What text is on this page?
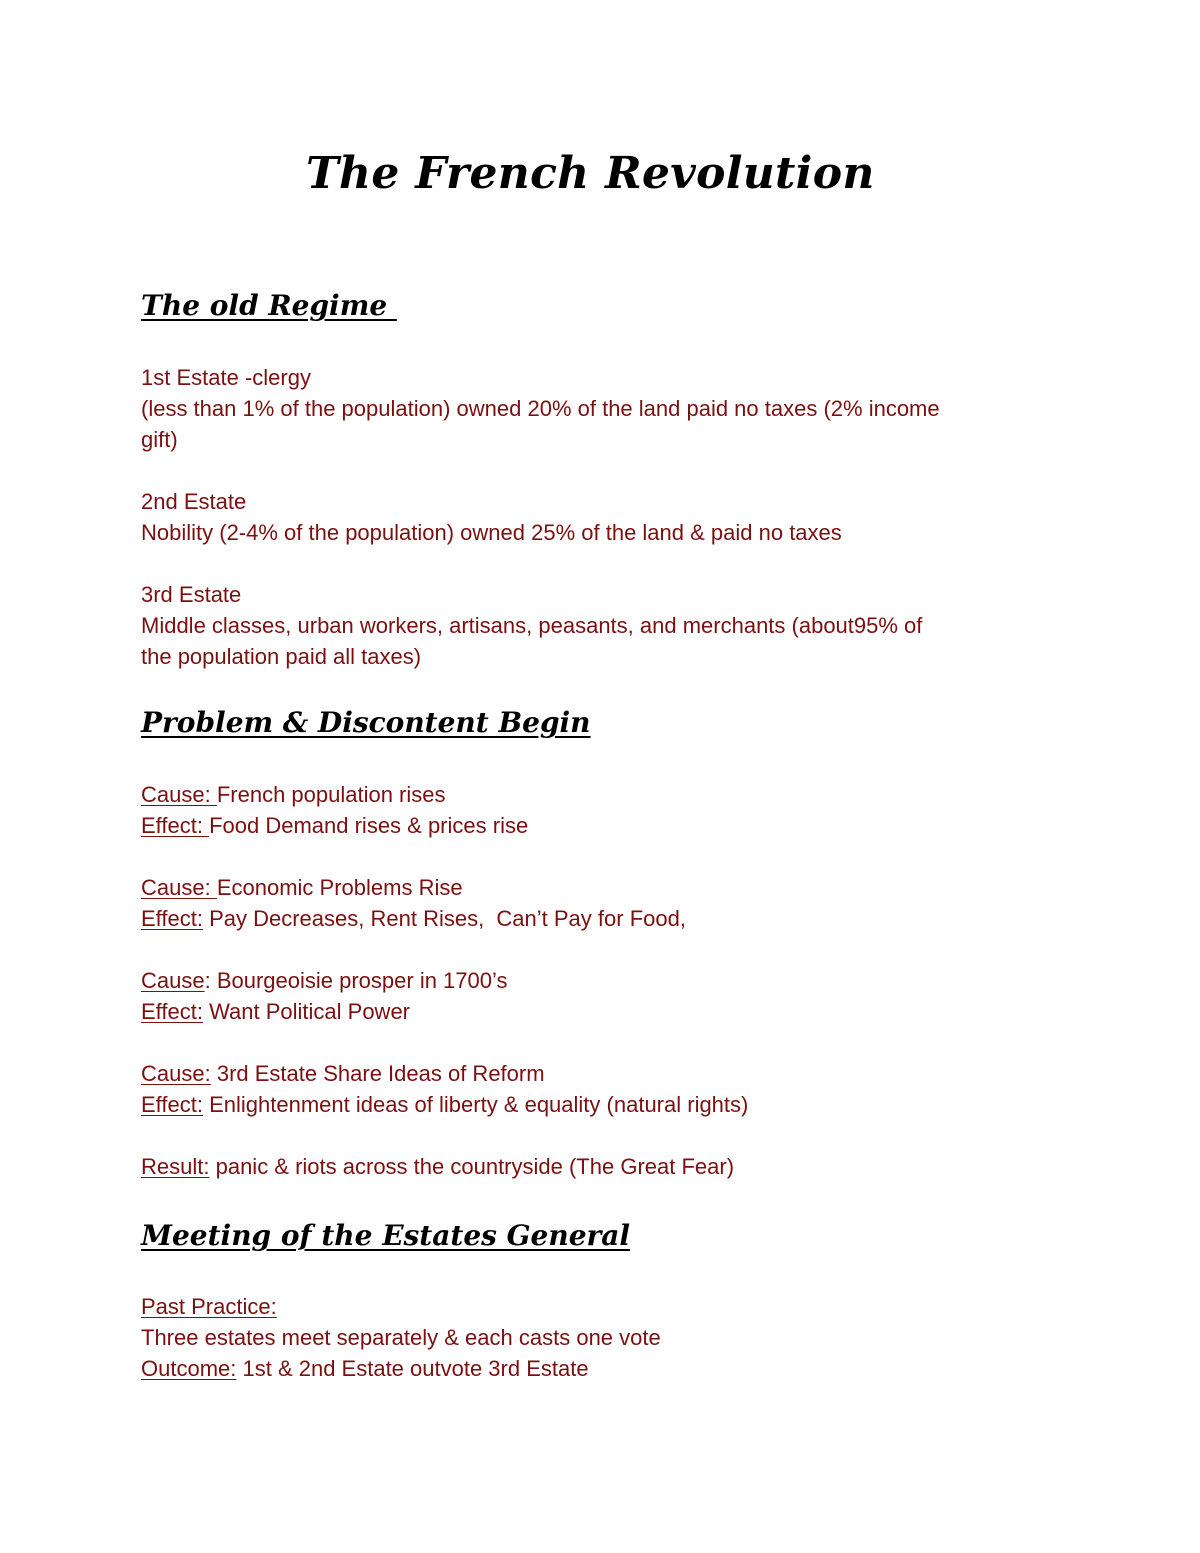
The French Revolution
The old Regime

1st Estate -clergy

(less than 1% of the population) owned 20% of the land paid no taxes (2% income

gift)

2nd Estate

Nobility (2-4% of the population) owned 25% of the land & paid no taxes

3rd Estate

Middle classes, urban workers, artisans, peasants, and merchants (about95% of

the population paid all taxes)

Problem & Discontent Begin

Cause: French population rises

Effect: Food Demand rises & prices rise

Cause: Economic Problems Rise

Effect: Pay Decreases, Rent Rises,  Can’t Pay for Food,

Cause: Bourgeoisie prosper in 1700’s

Effect: Want Political Power

Cause: 3rd Estate Share Ideas of Reform

Effect: Enlightenment ideas of liberty & equality (natural rights)

Result: panic & riots across the countryside (The Great Fear)

Meeting of the Estates General

Past Practice:

Three estates meet separately & each casts one vote

Outcome: 1st & 2nd Estate outvote 3rd Estate
